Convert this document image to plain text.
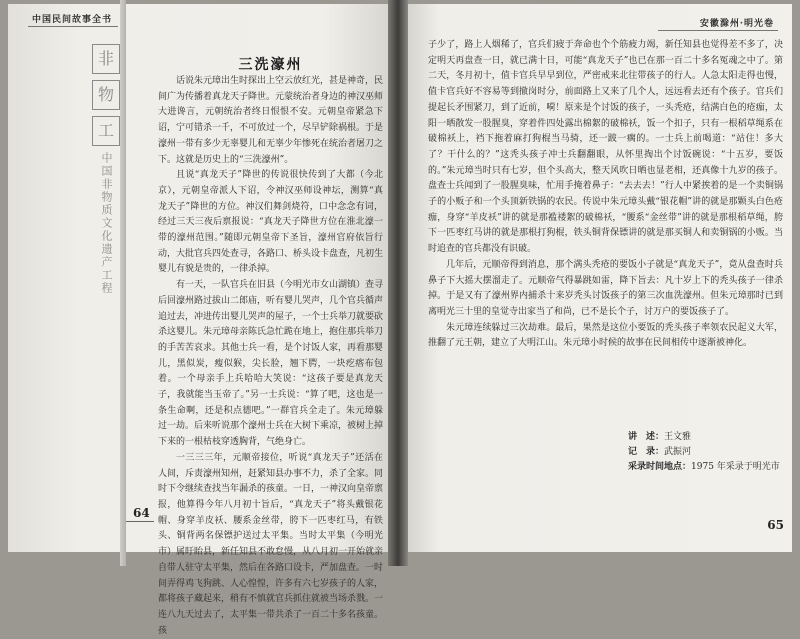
中国民间故事全书
非
物
工
中国非物质文化遗产工程
三洗濠州

话说朱元璋出生时探出上空云放红光，甚是神奇，民间广为传播着真龙天子降世。元蒙统治者身边的神汉巫师大进谗言，元朝统治者终日恨恨不安。元朝皇帝紧急下诏，宁可错杀一千，不可放过一个，尽早铲除祸根。于是濠州一带有多少无辜婴儿和无辜少年惨死在统治者屠刀之下。这就是历史上的“三洗濠州”。

且说“真龙天子”降世的传说很快传到了大都（今北京），元朝皇帝派人下诏，令神汉巫师设神坛，测算“真龙天子”降世的方位。神汉们舞剑烧符，口中念念有词，经过三天三夜后禀报说：“真龙天子降世方位在淮北濠一带的濠州范围。”随即元朝皇帝下圣旨，濠州官府依旨行动，大批官兵四处查寻，各路口、桥头设卡盘查，凡初生婴儿有貌是贵的，一律杀掉。

有一天，一队官兵在旧县（今明光市女山湖镇）查寻后回濠州路过拔山二郎庙，听有婴儿哭声，几个官兵循声追过去，冲进传出婴儿哭声的屋子，一个士兵举刀就要砍杀这婴儿。朱元璋母亲陈氏急忙跪在地上，抱住那兵举刀的手苦苦哀求。其他士兵一看，是个讨饭人家，再看那婴儿，黑似炭，瘦似猴，尖长脸，翘下腭，一块疙瘩布包着。一个母亲手上兵哈哈大笑说：“这孩子要是真龙天子，我就能当玉帝了。”另一士兵说：“算了吧，这也是一条生命啊，还是积点德吧。”一群官兵全走了。朱元璋躲过一劫。后来听说那个濠州士兵在大树下乘凉，被树上掉下来的一根枯枝穿透胸背，气绝身亡。

一三三三年，元顺帝接位，听说“真龙天子”还活在人间，斥责濠州知州，赶紧知县办事不力，杀了全家。同时下令继续查找当年漏杀的孩童。一日，一神汉向皇帝禀报，他算得今年八月初十旨后，“真龙天子”将头戴银花帽、身穿羊皮袄、腰系金丝带，胯下一匹枣红马，有铁头、铜背两名保镖护送过太平集。当时太平集（今明光市）属盱眙县，新任知县不敢怠慢，从八月初一开始就亲自带人驻守太平集，然后在各路口设卡，严加盘查。一时间弄得鸡飞狗跳、人心惶惶，许多有六七岁孩子的人家，都将孩子藏起来，稍有不慎就官兵抓住就被当场杀戮。一连八九天过去了，太平集一带共杀了一百二十多名孩童。孩

64
安徽滁州·明光卷

子少了，路上人烟稀了，官兵们疲于奔命也个个筋疲力竭，新任知县也觉得差不多了，决定明天再盘查一日，就已满十日，可能“真龙天子”也已在那一百二十多名冤魂之中了。第二天，冬月初十，值卡官兵早早到位，严密戒来北往带孩子的行人。人急太阳走得也慢，值卡官兵好不容易等到撤岗时分，前面路上又来了几个人，远远看去还有个孩子。官兵们提起长矛围紧刀，到了近前，嗬！原来是个讨饭的孩子，一头秃疮，结满白色的疮痂，太阳一晒散发一股腥臭，穿着件四处露出棉絮的破棉袄，饭一个扣子，只有一根稻草绳系在破棉袄上，裆下拖着麻打狗棍当马骑，还一跛一瘸的。一士兵上前喝道：“站住！多大了？干什么的？”这秃头孩子冲士兵翻翻眼，从怀里掏出个讨饭碗说：“十五岁，要饭的。”朱元璋当时只有七岁，但个头高大，整天风吹日晒也显老相，还真像十九岁的孩子。盘查士兵闻到了一股腥臭味，忙用手掩着鼻子：“去去去！”行人中紧挨着的是一个卖铜锅子的小贩子和一个头顶新铁锅的农民。传说中朱元璋头戴“银花帽”讲的就是那颗头白色疮痂，身穿“羊皮袄”讲的就是那褴褛絮的破棉袄，“腰系“金丝带”讲的就是那根稻草绳，胯下一匹枣红马讲的就是那根打狗棍，铁头铜背保镖讲的就是那买铜人和卖铜锅的小贩。当时追查的官兵都没有识破。

几年后，元顺帝得到消息，那个满头秃疮的要饭小子就是“真龙天子”，竟从盘查时兵鼻子下大摇大摆溜走了。元顺帝气得暴跳如雷，降下旨去：凡十岁上下的秃头孩子一律杀掉。于是又有了濠州界内捕杀十来岁秃头讨饭孩子的第三次血洗濠州。但朱元璋那时已到离明光三十里的皇觉寺出家当了和尚，已不是长个子，讨万户的要饭孩子了。

朱元璋连续躲过三次劫难。最后，果然是这位小要饭的秃头孩子率领农民起义大军，推翻了元王朝，建立了大明江山。朱元璋小时候的故事在民间相传中逐渐被神化。

讲　述：王文雅
记　录：武振河
采录时间地点：1975 年采录于明光市
65
